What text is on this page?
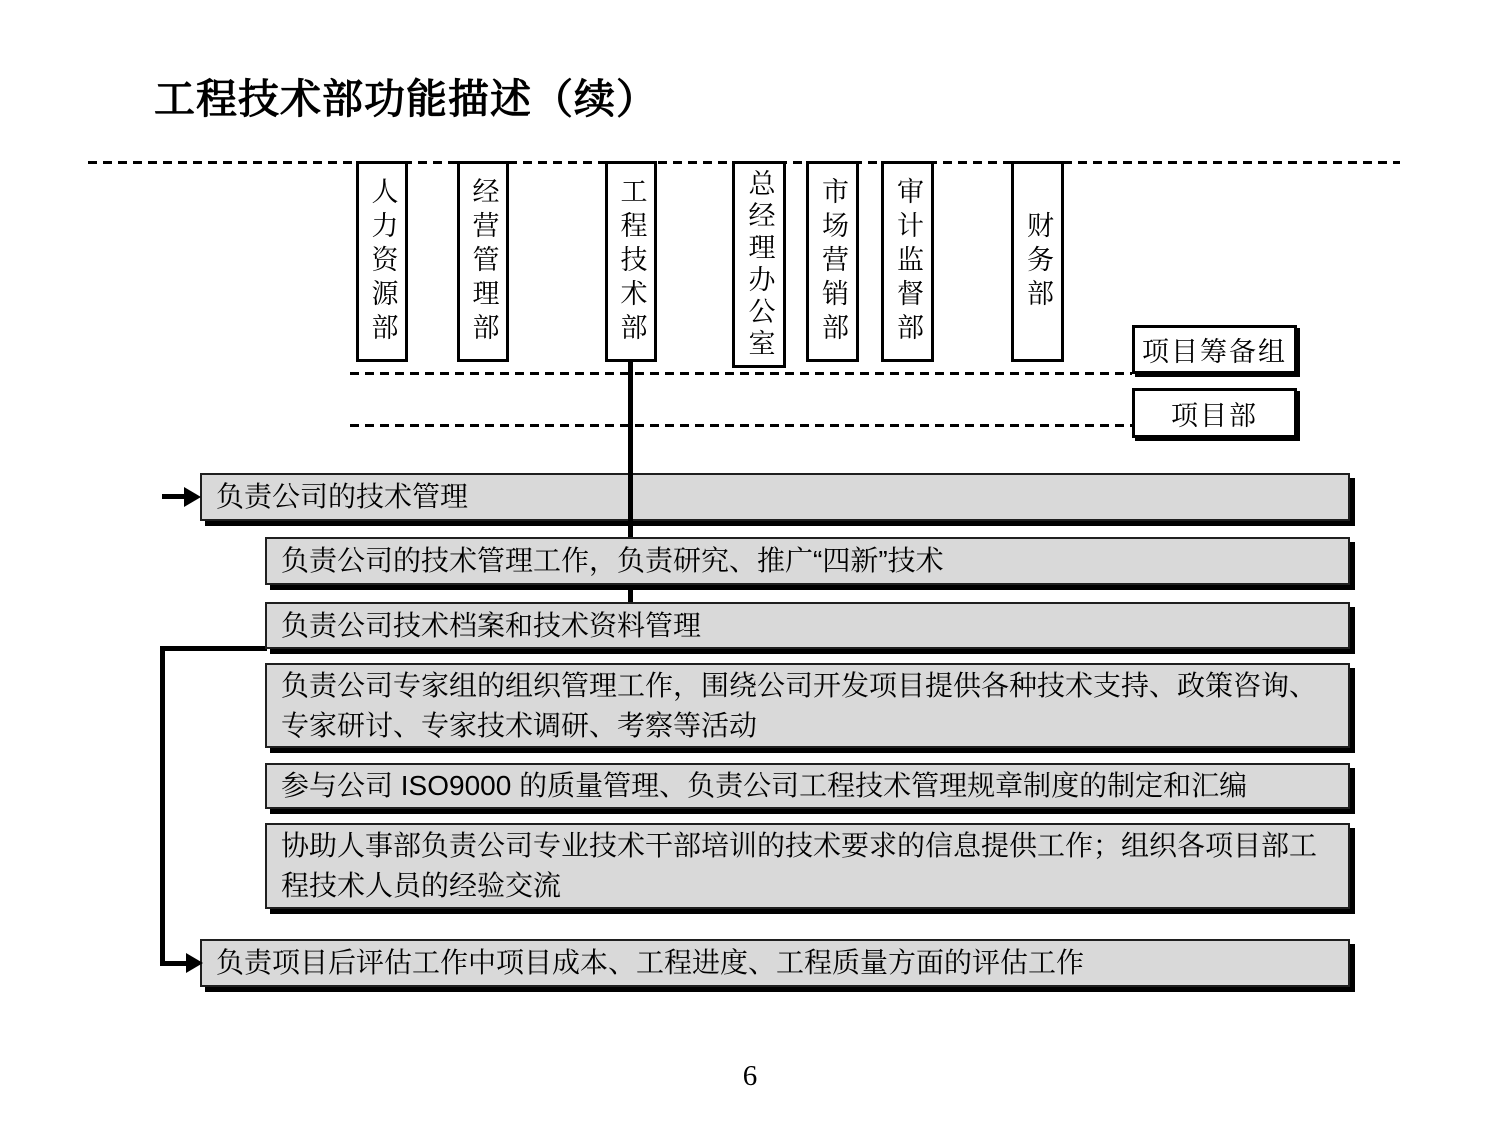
工程技术部功能描述（续）
负责公司的技术管理
人力资源部	经营管理部	工程技术部	总经理办公室 市场营销部 审计监督部	财务部
项目筹备组
项目部
负责公司的技术管理工作，负责研究、推广“四新”技术
负责公司技术档案和技术资料管理
负责公司专家组的组织管理工作，围绕公司开发项目提供各种技术支持、政策咨询、专家研讨、专家技术调研、考察等活动
参与公司 ISO9000 的质量管理、负责公司工程技术管理规章制度的制定和汇编
协助人事部负责公司专业技术干部培训的技术要求的信息提供工作；组织各项目部工程技术人员的经验交流
负责项目后评估工作中项目成本、工程进度、工程质量方面的评估工作
6
